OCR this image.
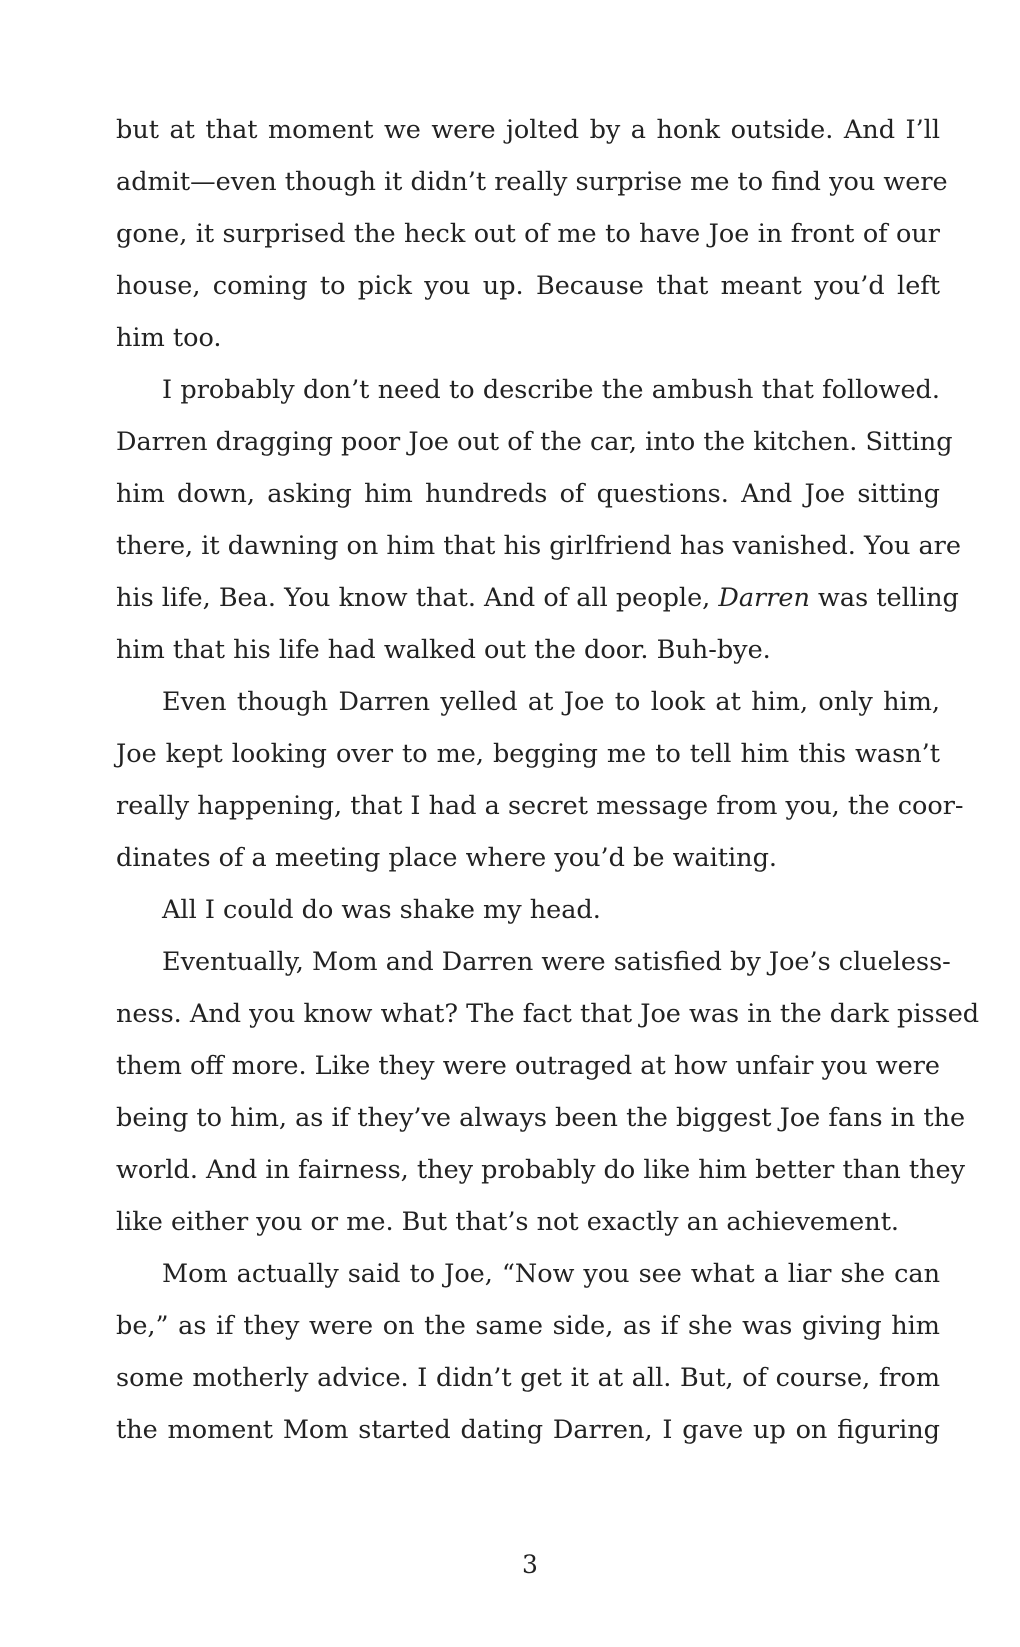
but at that moment we were jolted by a honk outside. And I’ll
admit—even though it didn’t really surprise me to find you were
gone, it surprised the heck out of me to have Joe in front of our
house, coming to pick you up. Because that meant you’d left
him too.
I probably don’t need to describe the ambush that followed.
Darren dragging poor Joe out of the car, into the kitchen. Sitting
him down, asking him hundreds of questions. And Joe sitting
there, it dawning on him that his girlfriend has vanished. You are
his life, Bea. You know that. And of all people, Darren was telling
him that his life had walked out the door. Buh-bye.
Even though Darren yelled at Joe to look at him, only him,
Joe kept looking over to me, begging me to tell him this wasn’t
really happening, that I had a secret message from you, the coor-
dinates of a meeting place where you’d be waiting.
All I could do was shake my head.
Eventually, Mom and Darren were satisfied by Joe’s clueless-
ness. And you know what? The fact that Joe was in the dark pissed
them off more. Like they were outraged at how unfair you were
being to him, as if they’ve always been the biggest Joe fans in the
world. And in fairness, they probably do like him better than they
like either you or me. But that’s not exactly an achievement.
Mom actually said to Joe, “Now you see what a liar she can
be,” as if they were on the same side, as if she was giving him
some motherly advice. I didn’t get it at all. But, of course, from
the moment Mom started dating Darren, I gave up on figuring
3
